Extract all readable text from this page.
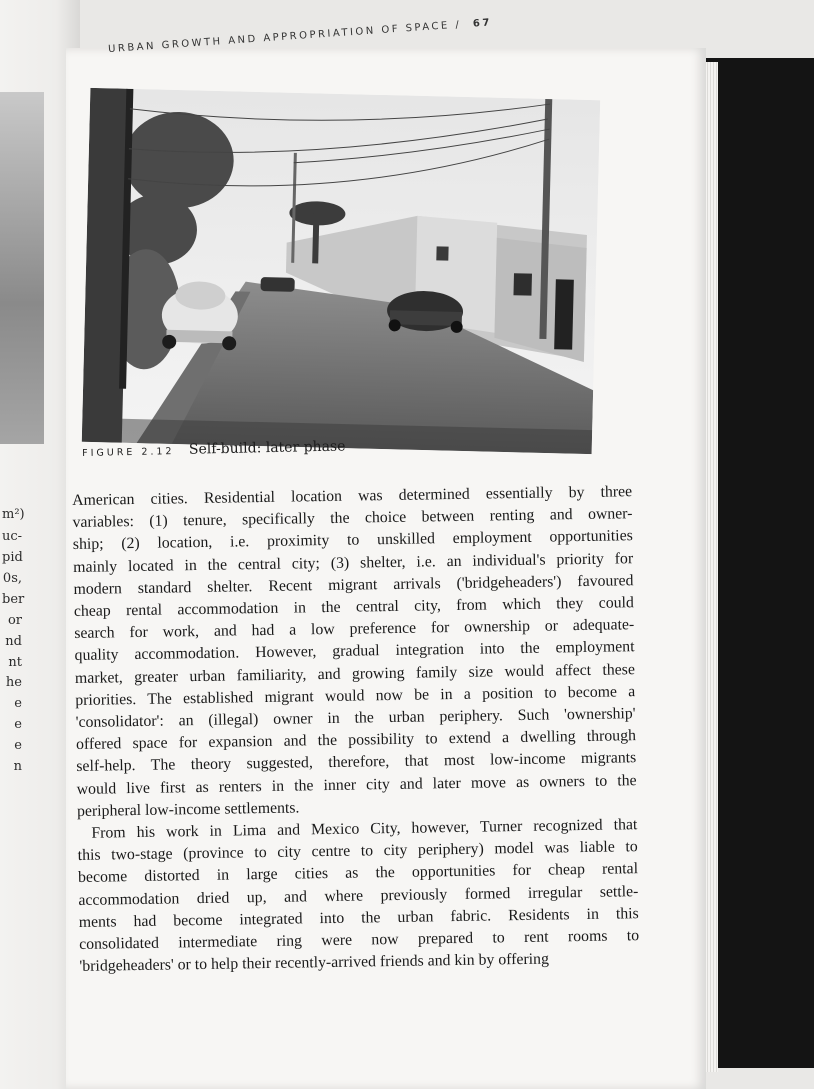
m²)
uc-
pid
0s,
ber
or
nd
nt
he
e
e
e
n
URBAN GROWTH AND APPROPRIATION OF SPACE / 67
FIGURE 2.12 Self-build: later phase
American cities. Residential location was determined essentially by three
variables: (1) tenure, specifically the choice between renting and owner-
ship; (2) location, i.e. proximity to unskilled employment opportunities
mainly located in the central city; (3) shelter, i.e. an individual's priority for
modern standard shelter. Recent migrant arrivals ('bridgeheaders') favoured
cheap rental accommodation in the central city, from which they could
search for work, and had a low preference for ownership or adequate-
quality accommodation. However, gradual integration into the employment
market, greater urban familiarity, and growing family size would affect these
priorities. The established migrant would now be in a position to become a
'consolidator': an (illegal) owner in the urban periphery. Such 'ownership'
offered space for expansion and the possibility to extend a dwelling through
self-help. The theory suggested, therefore, that most low-income migrants
would live first as renters in the inner city and later move as owners to the
peripheral low-income settlements.
From his work in Lima and Mexico City, however, Turner recognized that
this two-stage (province to city centre to city periphery) model was liable to
become distorted in large cities as the opportunities for cheap rental
accommodation dried up, and where previously formed irregular settle-
ments had become integrated into the urban fabric. Residents in this
consolidated intermediate ring were now prepared to rent rooms to
'bridgeheaders' or to help their recently-arrived friends and kin by offering
